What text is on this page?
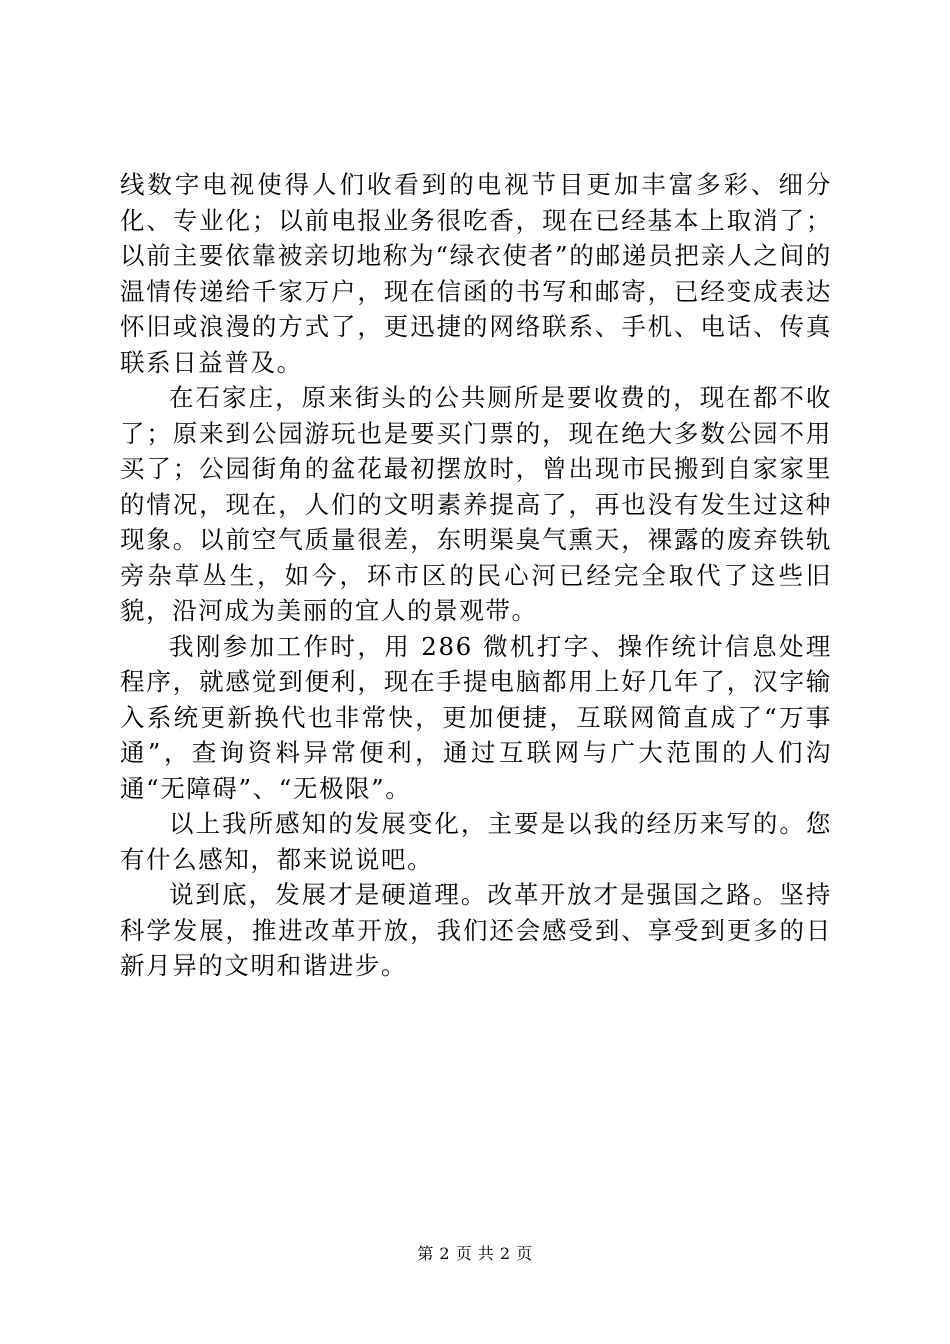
线数字电视使得人们收看到的电视节目更加丰富多彩、细分化、专业化；以前电报业务很吃香，现在已经基本上取消了；以前主要依靠被亲切地称为“绿衣使者”的邮递员把亲人之间的温情传递给千家万户，现在信函的书写和邮寄，已经变成表达怀旧或浪漫的方式了，更迅捷的网络联系、手机、电话、传真联系日益普及。

在石家庄，原来街头的公共厕所是要收费的，现在都不收了；原来到公园游玩也是要买门票的，现在绝大多数公园不用买了；公园街角的盆花最初摆放时，曾出现市民搬到自家家里的情况，现在，人们的文明素养提高了，再也没有发生过这种现象。以前空气质量很差，东明渠臭气熏天，裸露的废弃铁轨旁杂草丛生，如今，环市区的民心河已经完全取代了这些旧貌，沿河成为美丽的宜人的景观带。

我刚参加工作时，用 286 微机打字、操作统计信息处理程序，就感觉到便利，现在手提电脑都用上好几年了，汉字输入系统更新换代也非常快，更加便捷，互联网简直成了“万事通”，查询资料异常便利，通过互联网与广大范围的人们沟通“无障碍”、“无极限”。

以上我所感知的发展变化，主要是以我的经历来写的。您有什么感知，都来说说吧。

说到底，发展才是硬道理。改革开放才是强国之路。坚持科学发展，推进改革开放，我们还会感受到、享受到更多的日新月异的文明和谐进步。

第 2 页 共 2 页
